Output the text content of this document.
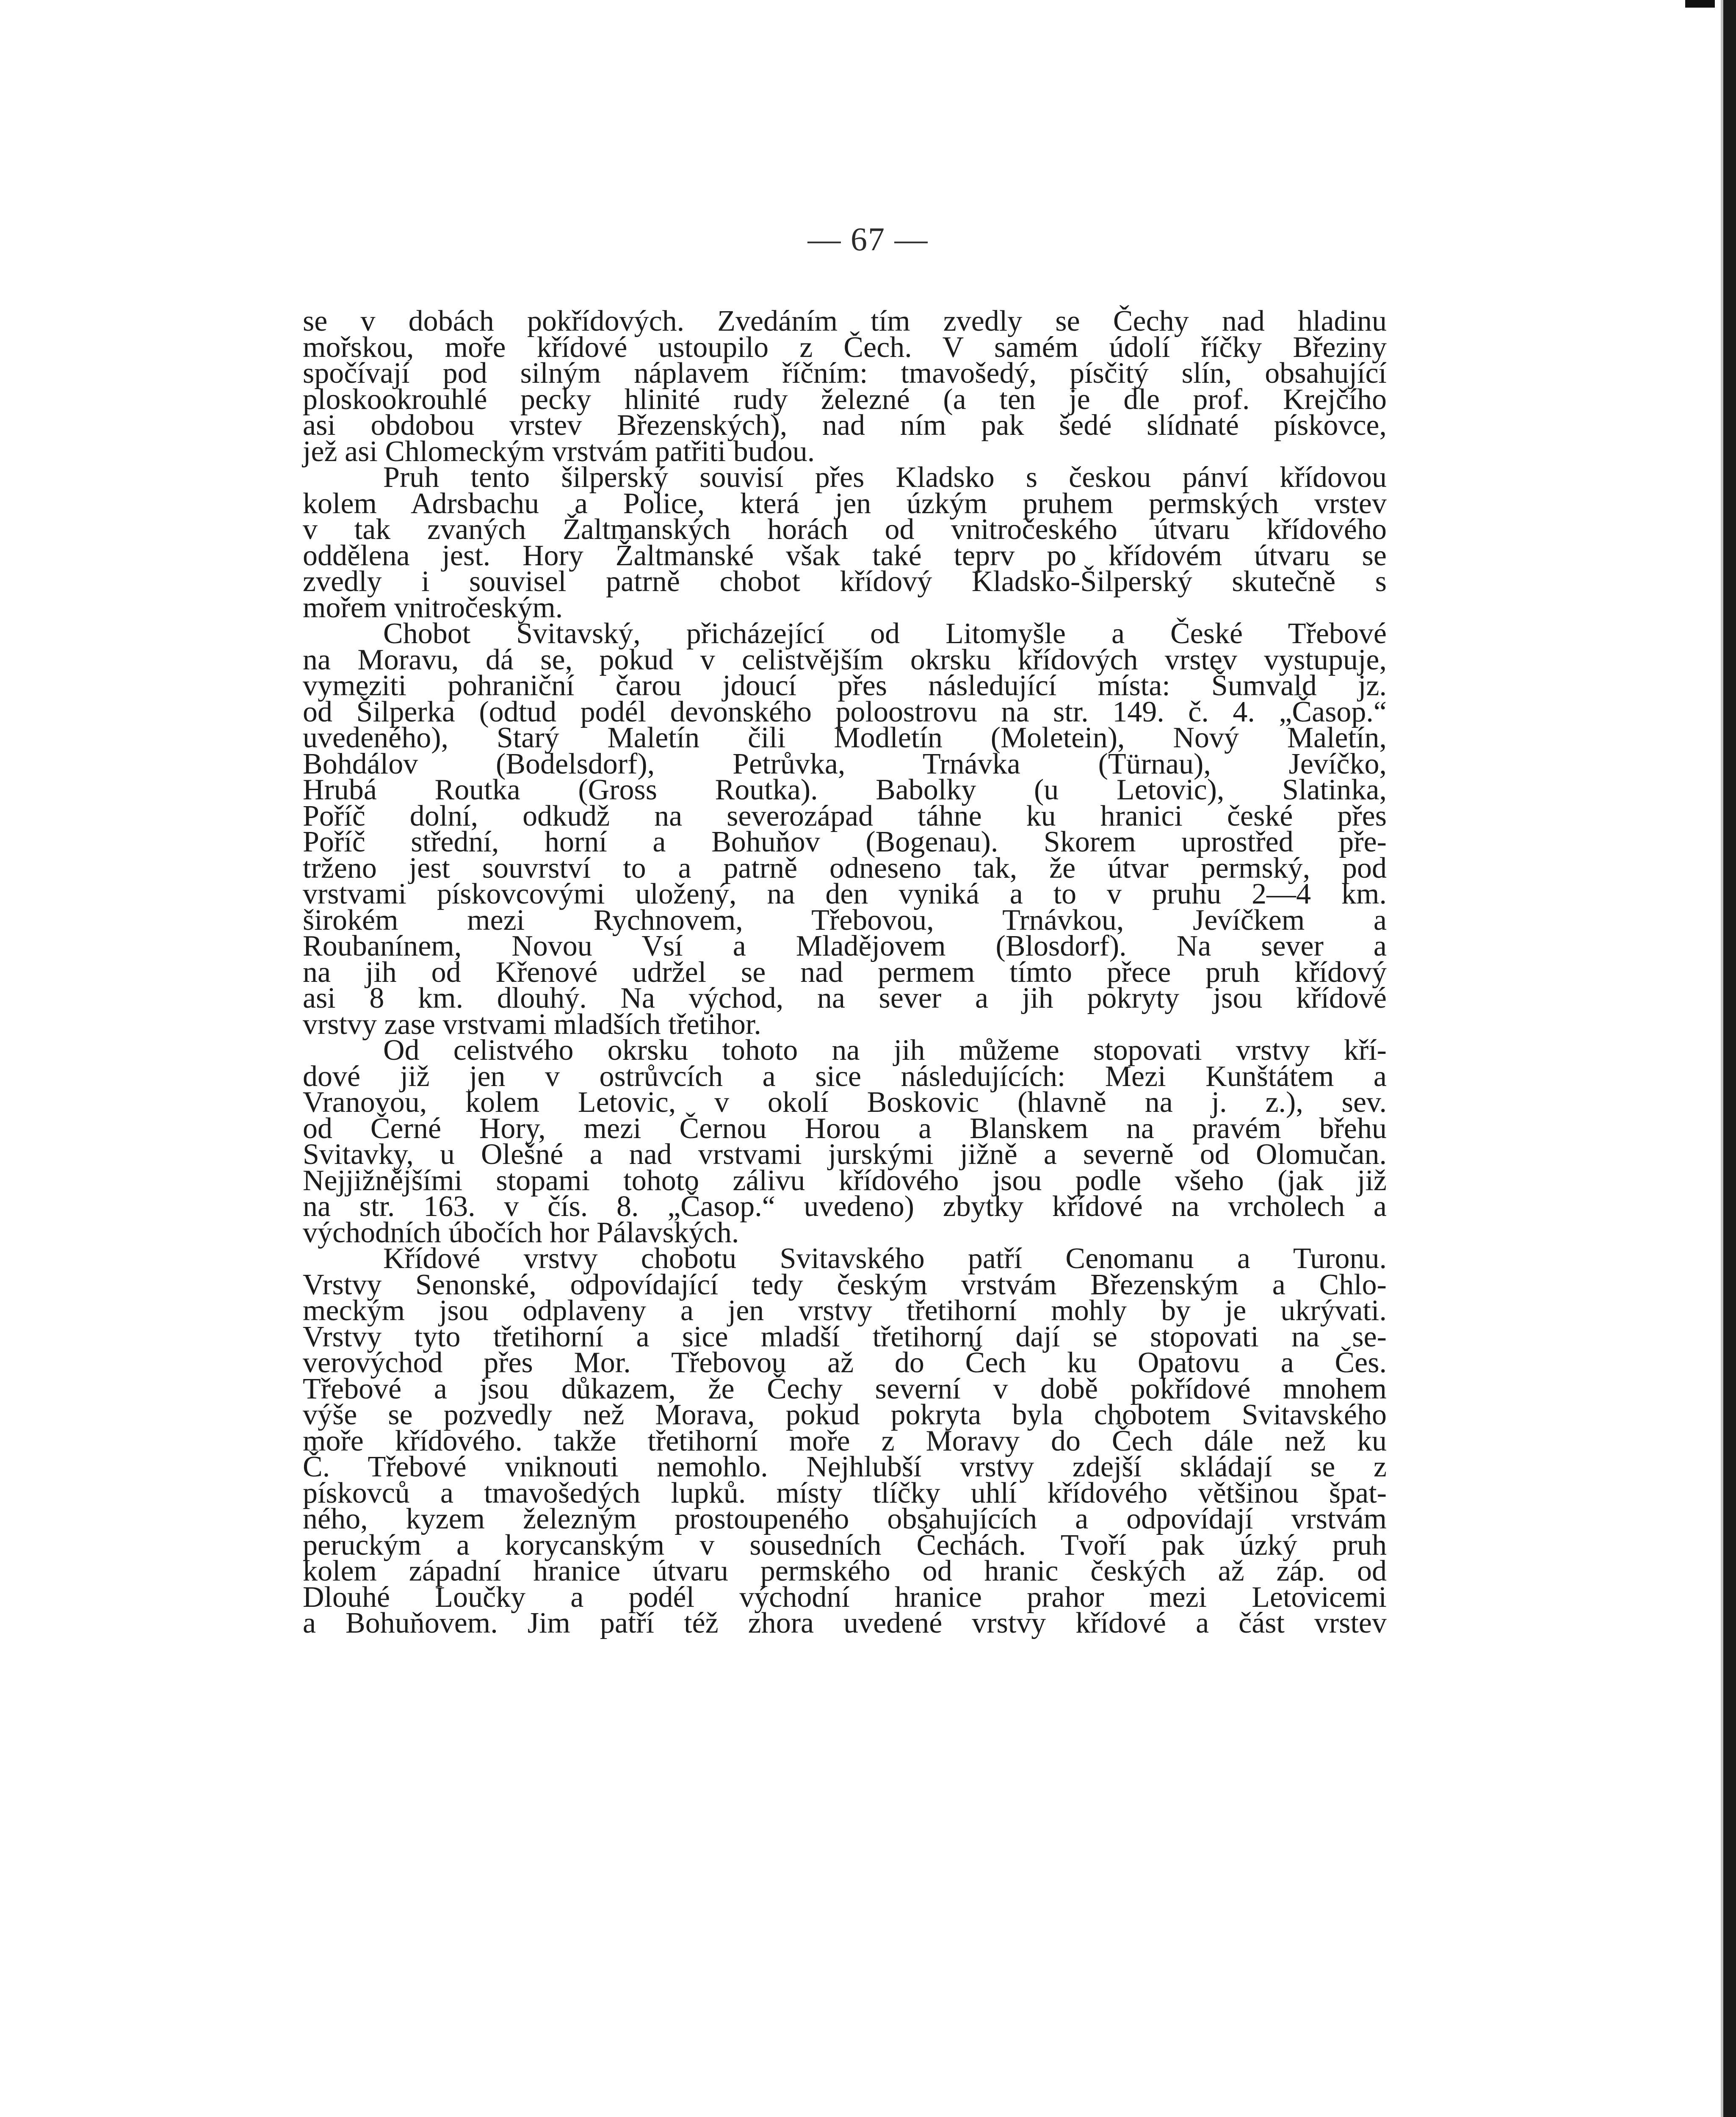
— 67 —
se v dobách pokřídových. Zvedáním tím zvedly se Čechy nad hladinu
mořskou, moře křídové ustoupilo z Čech. V samém údolí říčky Březiny
spočívají pod silným náplavem říčním: tmavošedý, písčitý slín, obsahující
ploskookrouhlé pecky hlinité rudy železné (a ten je dle prof. Krejčího
asi obdobou vrstev Březenských), nad ním pak šedé slídnaté pískovce,
jež asi Chlomeckým vrstvám patřiti budou.
Pruh tento šilperský souvisí přes Kladsko s českou pánví křídovou
kolem Adrsbachu a Police, která jen úzkým pruhem permských vrstev
v tak zvaných Žaltmanských horách od vnitročeského útvaru křídového
oddělena jest. Hory Žaltmanské však také teprv po křídovém útvaru se
zvedly i souvisel patrně chobot křídový Kladsko-Šilperský skutečně s
mořem vnitročeským.
Chobot Svitavský, přicházející od Litomyšle a České Třebové
na Moravu, dá se, pokud v celistvějším okrsku křídových vrstev vystupuje,
vymeziti pohraniční čarou jdoucí přes následující místa: Šumvald jz.
od Šilperka (odtud podél devonského poloostrovu na str. 149. č. 4. „Časop.“
uvedeného), Starý Maletín čili Modletín (Moletein), Nový Maletín,
Bohdálov (Bodelsdorf), Petrůvka, Trnávka (Türnau), Jevíčko,
Hrubá Routka (Gross Routka). Babolky (u Letovic), Slatinka,
Poříč dolní, odkudž na severozápad táhne ku hranici české přes
Poříč střední, horní a Bohuňov (Bogenau). Skorem uprostřed pře-
trženo jest souvrství to a patrně odneseno tak, že útvar permský, pod
vrstvami pískovcovými uložený, na den vyniká a to v pruhu 2—4 km.
širokém mezi Rychnovem, Třebovou, Trnávkou, Jevíčkem a
Roubanínem, Novou Vsí a Mladějovem (Blosdorf). Na sever a
na jih od Křenové udržel se nad permem tímto přece pruh křídový
asi 8 km. dlouhý. Na východ, na sever a jih pokryty jsou křídové
vrstvy zase vrstvami mladších třetihor.
Od celistvého okrsku tohoto na jih můžeme stopovati vrstvy kří-
dové již jen v ostrůvcích a sice následujících: Mezi Kunštátem a
Vranovou, kolem Letovic, v okolí Boskovic (hlavně na j. z.), sev.
od Černé Hory, mezi Černou Horou a Blanskem na pravém břehu
Svitavky, u Olešné a nad vrstvami jurskými jižně a severně od Olomučan.
Nejjižnějšími stopami tohoto zálivu křídového jsou podle všeho (jak již
na str. 163. v čís. 8. „Časop.“ uvedeno) zbytky křídové na vrcholech a
východních úbočích hor Pálavských.
Křídové vrstvy chobotu Svitavského patří Cenomanu a Turonu.
Vrstvy Senonské, odpovídající tedy českým vrstvám Březenským a Chlo-
meckým jsou odplaveny a jen vrstvy třetihorní mohly by je ukrývati.
Vrstvy tyto třetihorní a sice mladší třetihorní dají se stopovati na se-
verovýchod přes Mor. Třebovou až do Čech ku Opatovu a Čes.
Třebové a jsou důkazem, že Čechy severní v době pokřídové mnohem
výše se pozvedly než Morava, pokud pokryta byla chobotem Svitavského
moře křídového. takže třetihorní moře z Moravy do Čech dále než ku
Č. Třebové vniknouti nemohlo. Nejhlubší vrstvy zdejší skládají se z
pískovců a tmavošedých lupků. místy tlíčky uhlí křídového většinou špat-
ného, kyzem železným prostoupeného obsahujících a odpovídají vrstvám
peruckým a korycanským v sousedních Čechách. Tvoří pak úzký pruh
kolem západní hranice útvaru permského od hranic českých až záp. od
Dlouhé Loučky a podél východní hranice prahor mezi Letovicemi
a Bohuňovem. Jim patří též zhora uvedené vrstvy křídové a část vrstev
